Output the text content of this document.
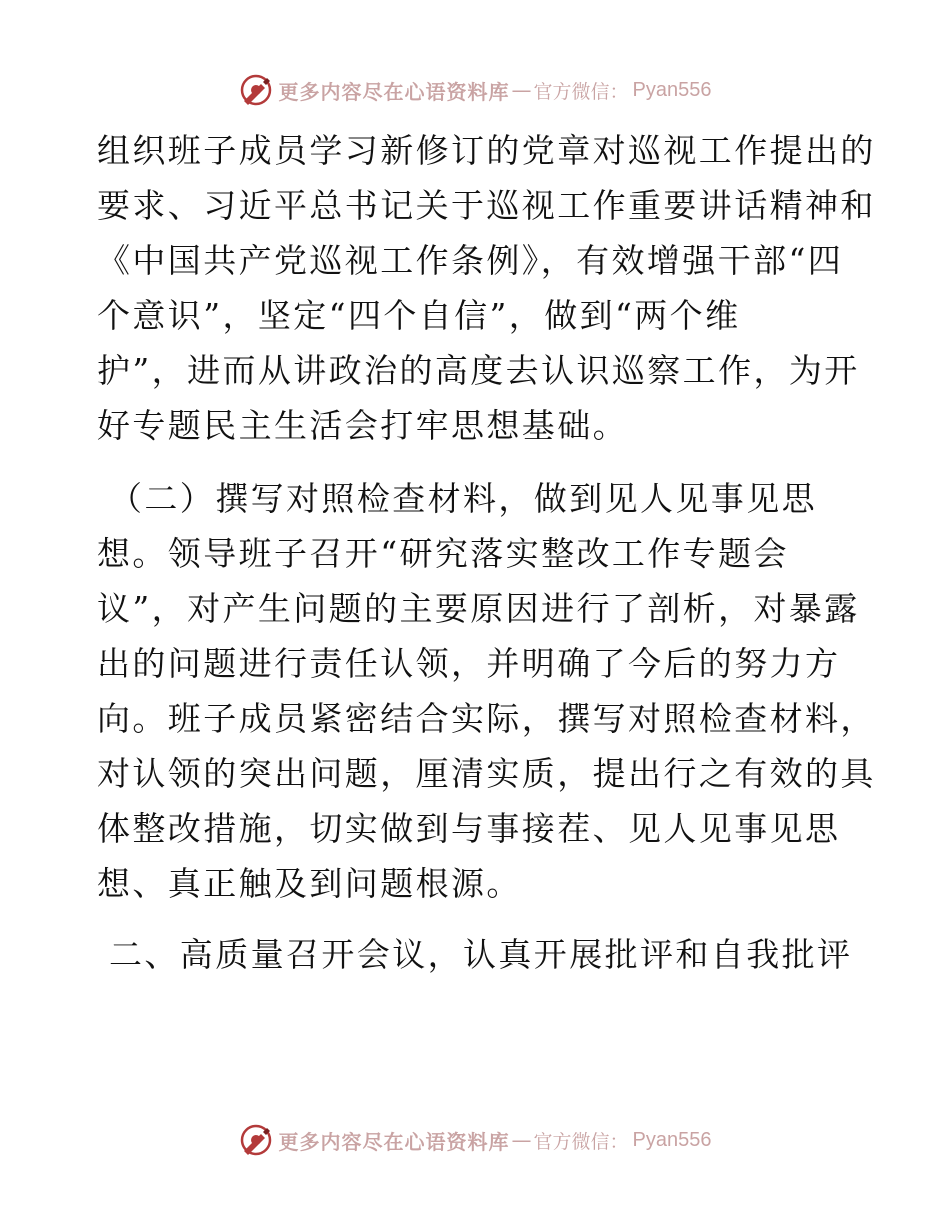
更多内容尽在心语资料库 — 官方微信： Pyan556
组织班子成员学习新修订的党章对巡视工作提出的
要求、习近平总书记关于巡视工作重要讲话精神和
《中国共产党巡视工作条例》，有效增强干部“四
个意识”，坚定“四个自信”，做到“两个维
护”，进而从讲政治的高度去认识巡察工作，为开
好专题民主生活会打牢思想基础。
（二）撰写对照检查材料，做到见人见事见思
想。领导班子召开“研究落实整改工作专题会
议”，对产生问题的主要原因进行了剖析，对暴露
出的问题进行责任认领，并明确了今后的努力方
向。班子成员紧密结合实际，撰写对照检查材料，
对认领的突出问题，厘清实质，提出行之有效的具
体整改措施，切实做到与事接茬、见人见事见思
想、真正触及到问题根源。
二、高质量召开会议，认真开展批评和自我批评
更多内容尽在心语资料库 — 官方微信： Pyan556
